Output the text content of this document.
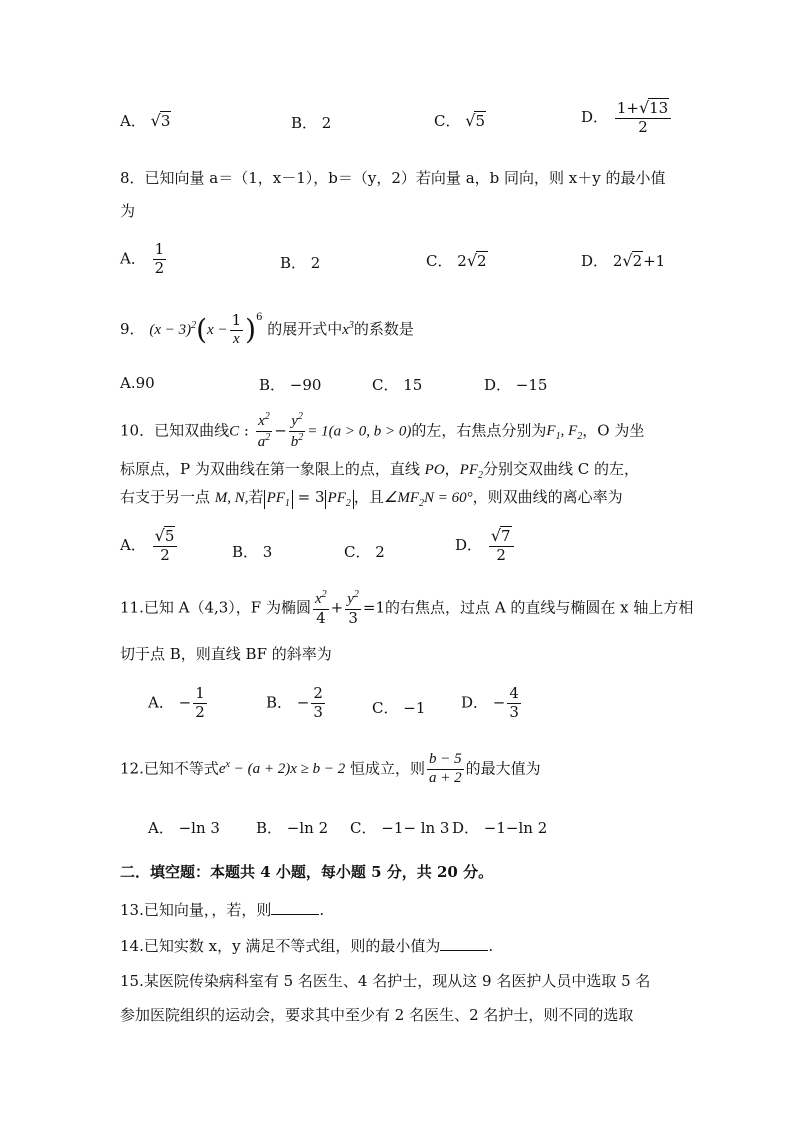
A． √3	B． 2	C． √5	D． $\frac{1+√13}{2}$
8．已知向量 a＝（1，x－1），b＝（y，2）若向量 a，b 同向，则 x＋y 的最小值
为
A． $\frac{1}{2}$	B． 2	C． 2√2	D． 2√2+1
9． $(x - 3)^2(x - \frac{1}{x} )^6$ 的展开式中$x^3$的系数是
A.90	B． −90	C． 15	D． −15
10．已知双曲线C : $\frac{x^2}{a^2} - \frac{y^2}{b^2} = 1(a > 0$, b > 0)的左，右焦点分别为$F_1$, $F_2$，O 为坐
标原点，P 为双曲线在第一象限上的点，直线 PO，$PF_2$分别交双曲线 C 的左，
右支于另一点 M, N,若 $PF_1 = 3$ $PF_2$ ，且$\angle MF_2N = 60^\circ$，则双曲线的离心率为
A． $\frac{√5}{2}$	B． 3	C． 2	D． $\frac{√7}{2}$
11.已知 A（4,3），F 为椭圆 $\frac{x^2}{4} + \frac{y^2}{3} =1$的右焦点，过点 A 的直线与椭圆在 x 轴上方相
切于点 B，则直线 BF 的斜率为
A． − $\frac{1}{2}$	B． − $\frac{2}{3}$	C． −1 D． − $\frac{4}{3}$
12.已知不等式$e^x - (a + 2)x \ge b - 2$ 恒成立，则 $\frac{b - 5}{a + 2}$ 的最大值为
A． −ln 3 B． −ln 2 C． −1− ln 3 D． −1−ln 2
二．填空题：本题共 4 小题，每小题 5 分，共 20 分。
13.已知向量，，若，则	.
14.已知实数 x，y 满足不等式组，则的最小值为	.
15.某医院传染病科室有 5 名医生、4 名护士，现从这 9 名医护人员中选取 5 名
参加医院组织的运动会，要求其中至少有 2 名医生、2 名护士，则不同的选取
